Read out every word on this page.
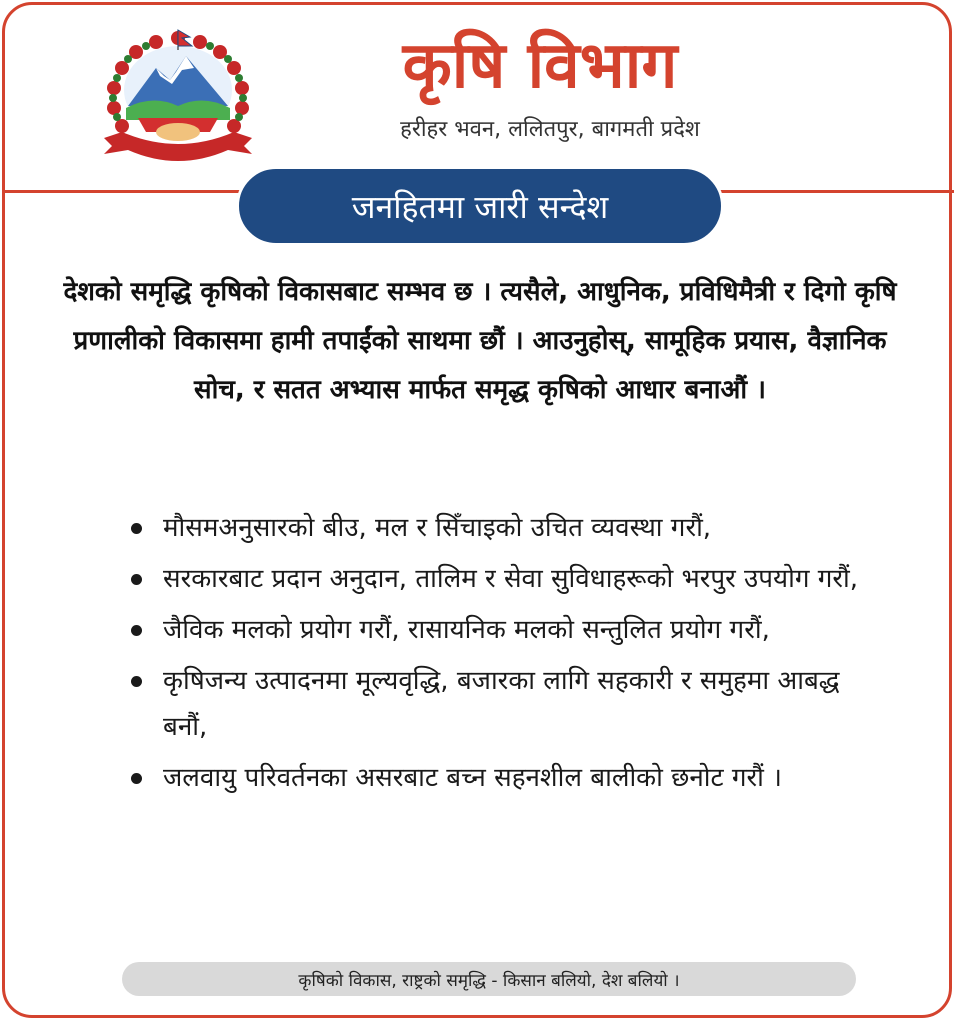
कृषि विभाग
हरीहर भवन, ललितपुर, बागमती प्रदेश
जनहितमा जारी सन्देश

देशको समृद्धि कृषिको विकासबाट सम्भव छ । त्यसैले, आधुनिक, प्रविधिमैत्री र दिगो कृषि प्रणालीको विकासमा हामी तपाईंको साथमा छौं । आउनुहोस्, सामूहिक प्रयास, वैज्ञानिक सोच, र सतत अभ्यास मार्फत समृद्ध कृषिको आधार बनाऔं ।

मौसमअनुसारको बीउ, मल र सिँचाइको उचित व्यवस्था गरौं,
सरकारबाट प्रदान अनुदान, तालिम र सेवा सुविधाहरूको भरपुर उपयोग गरौं,
जैविक मलको प्रयोग गरौं, रासायनिक मलको सन्तुलित प्रयोग गरौं,
कृषिजन्य उत्पादनमा मूल्यवृद्धि, बजारका लागि सहकारी र समुहमा आबद्ध बनौं,
जलवायु परिवर्तनका असरबाट बच्न सहनशील बालीको छनोट गरौं ।
कृषिको विकास, राष्ट्रको समृद्धि - किसान बलियो, देश बलियो ।
